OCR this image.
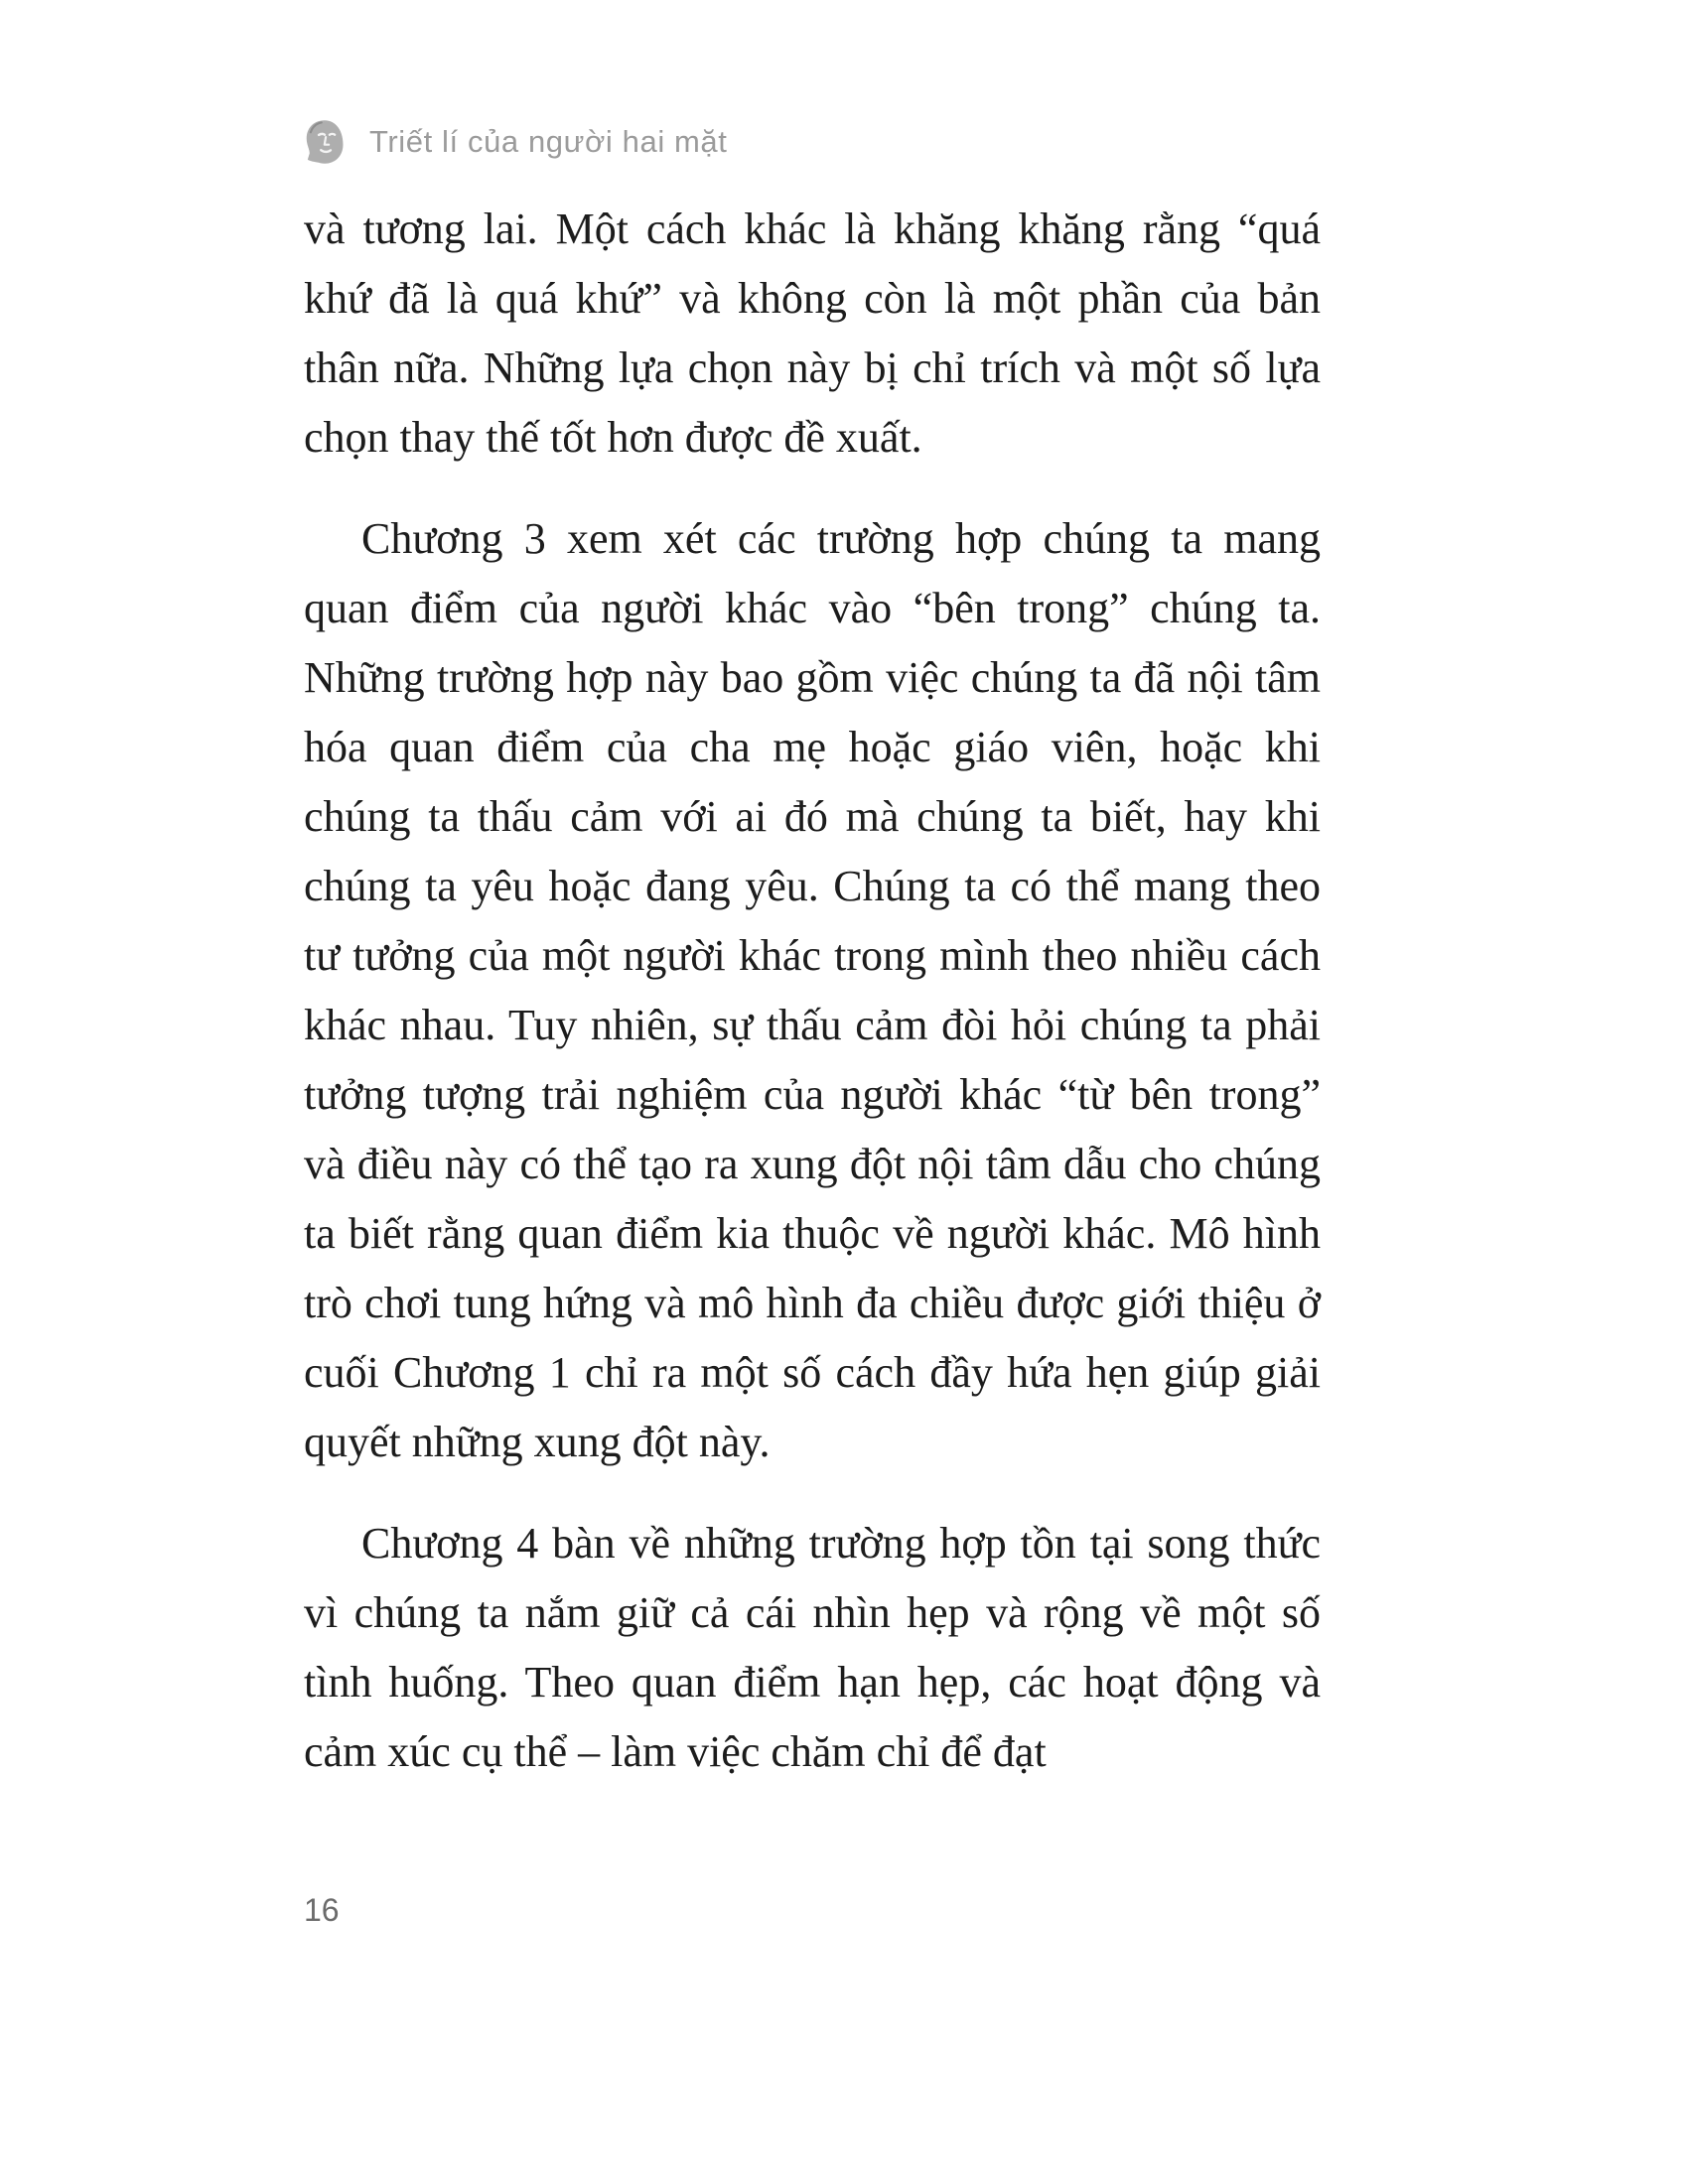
Triết lí của người hai mặt

và tương lai. Một cách khác là khăng khăng rằng “quá khứ đã là quá khứ” và không còn là một phần của bản thân nữa. Những lựa chọn này bị chỉ trích và một số lựa chọn thay thế tốt hơn được đề xuất.

Chương 3 xem xét các trường hợp chúng ta mang quan điểm của người khác vào “bên trong” chúng ta. Những trường hợp này bao gồm việc chúng ta đã nội tâm hóa quan điểm của cha mẹ hoặc giáo viên, hoặc khi chúng ta thấu cảm với ai đó mà chúng ta biết, hay khi chúng ta yêu hoặc đang yêu. Chúng ta có thể mang theo tư tưởng của một người khác trong mình theo nhiều cách khác nhau. Tuy nhiên, sự thấu cảm đòi hỏi chúng ta phải tưởng tượng trải nghiệm của người khác “từ bên trong” và điều này có thể tạo ra xung đột nội tâm dẫu cho chúng ta biết rằng quan điểm kia thuộc về người khác. Mô hình trò chơi tung hứng và mô hình đa chiều được giới thiệu ở cuối Chương 1 chỉ ra một số cách đầy hứa hẹn giúp giải quyết những xung đột này.

Chương 4 bàn về những trường hợp tồn tại song thức vì chúng ta nắm giữ cả cái nhìn hẹp và rộng về một số tình huống. Theo quan điểm hạn hẹp, các hoạt động và cảm xúc cụ thể – làm việc chăm chỉ để đạt

16
